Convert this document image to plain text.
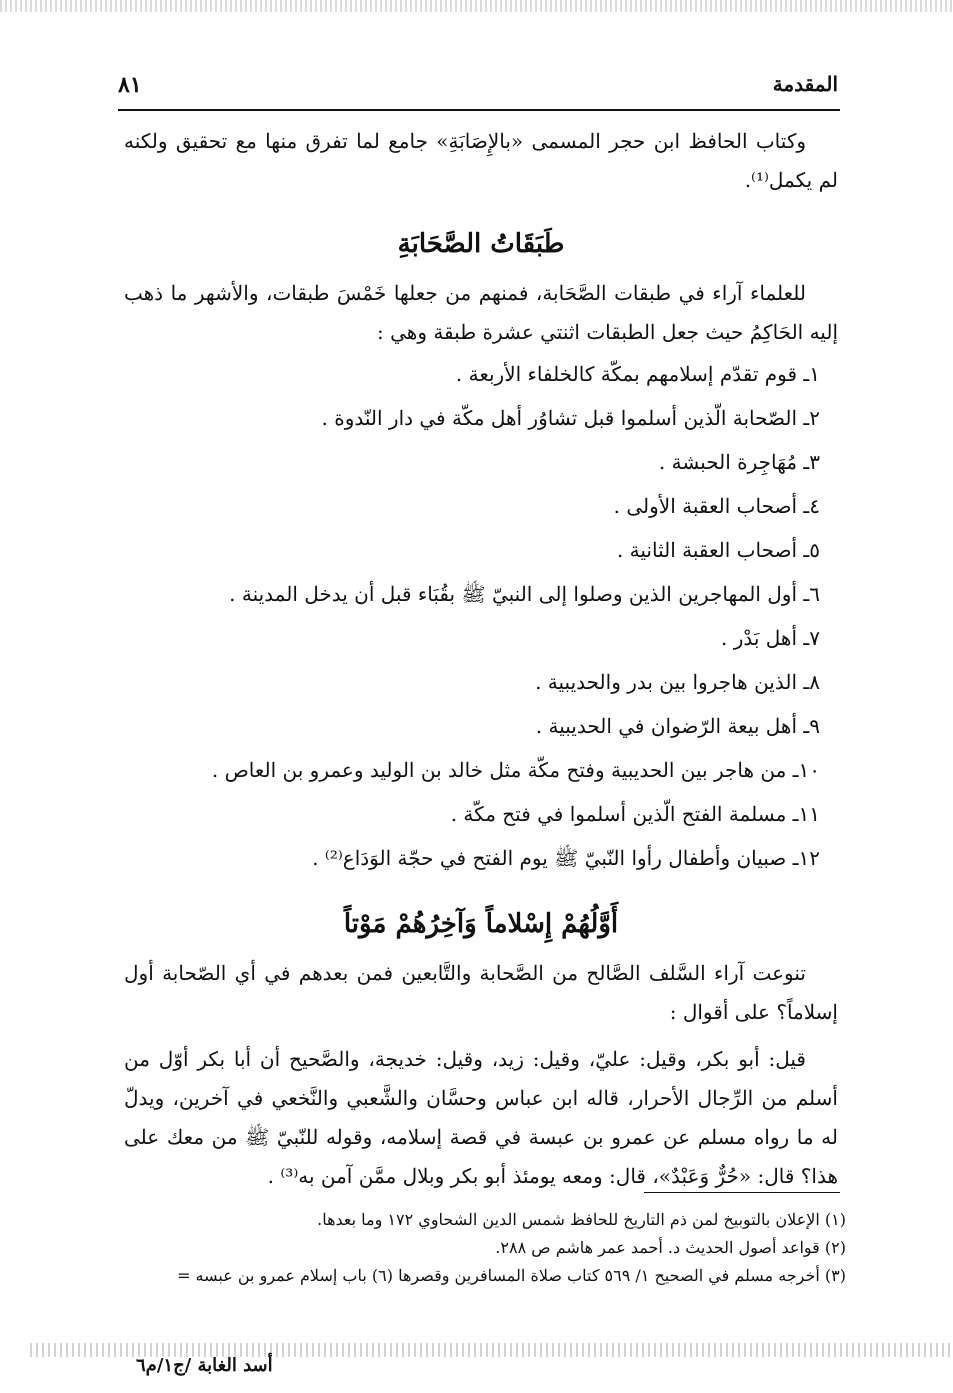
المقدمة
٨١

وكتاب الحافظ ابن حجر المسمى «بالإِصَابَةِ» جامع لما تفرق منها مع تحقيق ولكنه لم يكمل⁽¹⁾.

طَبَقَاتُ الصَّحَابَةِ

للعلماء آراء في طبقات الصَّحَابة، فمنهم من جعلها خَمْسَ طبقات، والأشهر ما ذهب إليه الحَاكِمُ حيث جعل الطبقات اثنتي عشرة طبقة وهي :

١ـ قوم تقدّم إسلامهم بمكّة كالخلفاء الأربعة .
٢ـ الصّحابة الّذين أسلموا قبل تشاوُر أهل مكّة في دار النّدوة .
٣ـ مُهَاجِرة الحبشة .
٤ـ أصحاب العقبة الأولى .
٥ـ أصحاب العقبة الثانية .
٦ـ أول المهاجرين الذين وصلوا إلى النبيّ ﷺ بقُبَاء قبل أن يدخل المدينة .
٧ـ أهل بَدْر .
٨ـ الذين هاجروا بين بدر والحديبية .
٩ـ أهل بيعة الرّضوان في الحديبية .
١٠ـ من هاجر بين الحديبية وفتح مكّة مثل خالد بن الوليد وعمرو بن العاص .
١١ـ مسلمة الفتح الّذين أسلموا في فتح مكّة .
١٢ـ صبيان وأطفال رأوا النّبيّ ﷺ يوم الفتح في حجّة الوَدَاع⁽²⁾ .
أَوَّلُهُمْ إِسْلاماً وَآخِرُهُمْ مَوْتاً

تنوعت آراء السَّلف الصَّالح من الصَّحابة والتَّابعين فمن بعدهم في أي الصّحابة أول إسلاماً؟ على أقوال :

قيل: أبو بكر، وقيل: عليّ، وقيل: زيد، وقيل: خديجة، والصَّحيح أن أبا بكر أوّل من أسلم من الرِّجال الأحرار، قاله ابن عباس وحسَّان والشَّعبي والنَّخعي في آخرين، ويدلّ له ما رواه مسلم عن عمرو بن عبسة في قصة إسلامه، وقوله للنّبيّ ﷺ من معك على هذا؟ قال: «حُرٌّ وَعَبْدٌ»، قال: ومعه يومئذ أبو بكر وبلال ممَّن آمن به⁽³⁾ .

(١) الإعلان بالتوبيخ لمن ذم التاريخ للحافظ شمس الدين الشحاوي ١٧٢ وما بعدها.

(٢) قواعد أصول الحديث د. أحمد عمر هاشم ص ٢٨٨.

(٣) أخرجه مسلم في الصحيح ١/ ٥٦٩ كتاب صلاة المسافرين وقصرها (٦) باب إسلام عمرو بن عبسه =

أسد الغابة /ج١/م٦
